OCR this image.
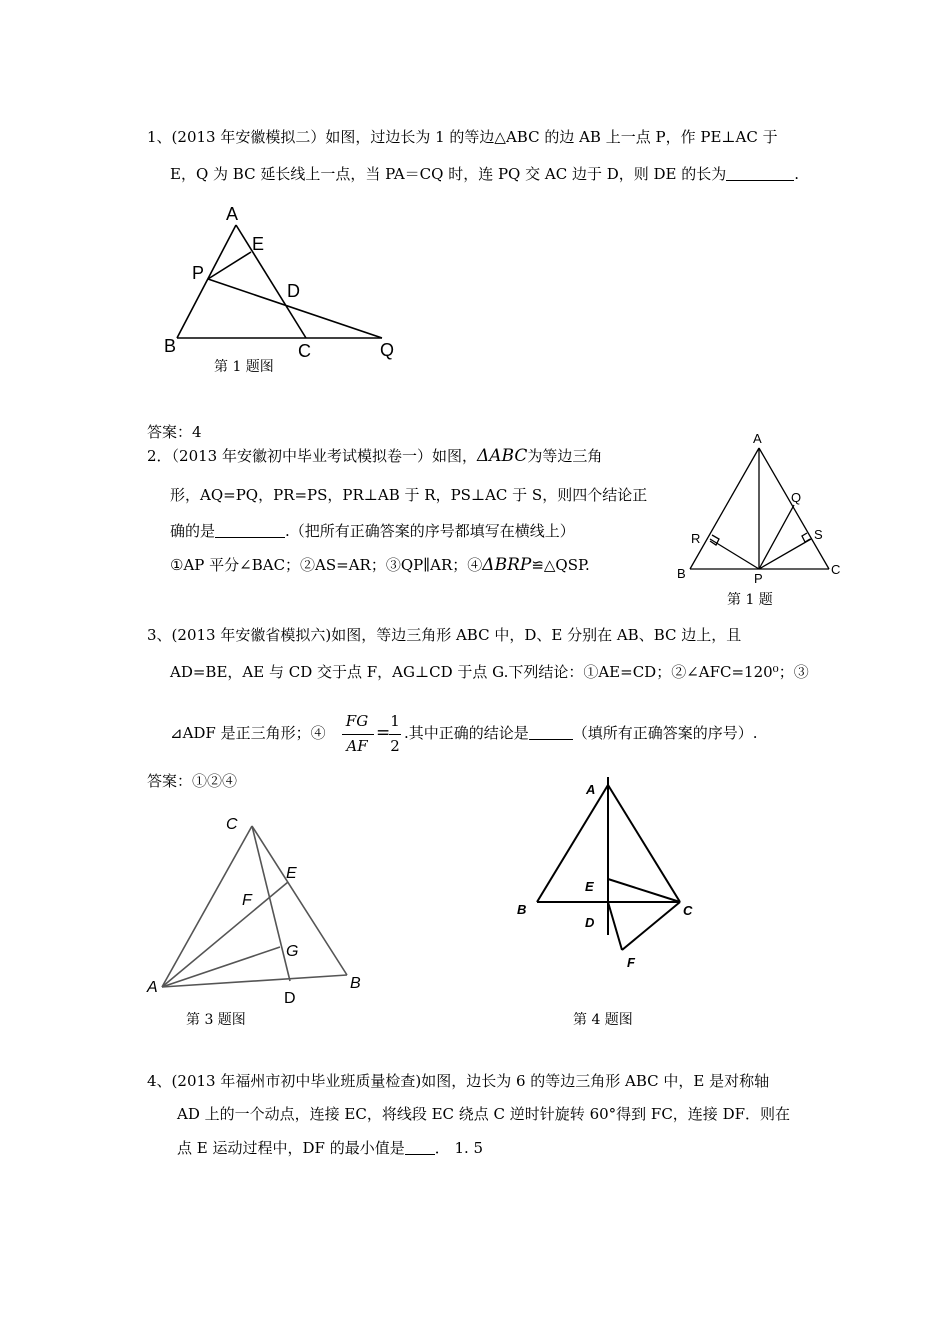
1、(2013 年安徽模拟二）如图，过边长为 1 的等边△ABC 的边 AB 上一点 P，作 PE⊥AC 于
E，Q 为 BC 延长线上一点，当 PA＝CQ 时，连 PQ 交 AC 边于 D，则 DE 的长为	.
A
E
P
D
B	C	Q
第 1 题图
答案：4
2．（2013 年安徽初中毕业考试模拟卷一）如图，ΔABC为等边三角
形，AQ=PQ，PR=PS，PR⊥AB 于 R，PS⊥AC 于 S，则四个结论正
确的是	.（把所有正确答案的序号都填写在横线上）
①AP 平分∠BAC；②AS=AR；③QP∥AR；④ΔBRP≌△QSP.
A
Q
R	S
B	P
C
第 1 题
3、(2013 年安徽省模拟六)如图，等边三角形 ABC 中，D、E 分别在 AB、BC 边上，且
AD=BE，AE 与 CD 交于点 F，AG⊥CD 于点 G.下列结论：①AE=CD；②∠AFC=120⁰；③
⊿ADF 是正三角形；④
FG
AF
=
1
2
.其中正确的结论是	（填所有正确答案的序号）.
答案：①②④
C
E
F
G
A	B
D
第 3 题图
A
E
B	C
D
F
第 4 题图
4、(2013 年福州市初中毕业班质量检查)如图，边长为 6 的等边三角形 ABC 中，E 是对称轴
AD 上的一个动点，连接 EC，将线段 EC 绕点 C 逆时针旋转 60°得到 FC，连接 DF．则在
点 E 运动过程中，DF 的最小值是 ． 1. 5
